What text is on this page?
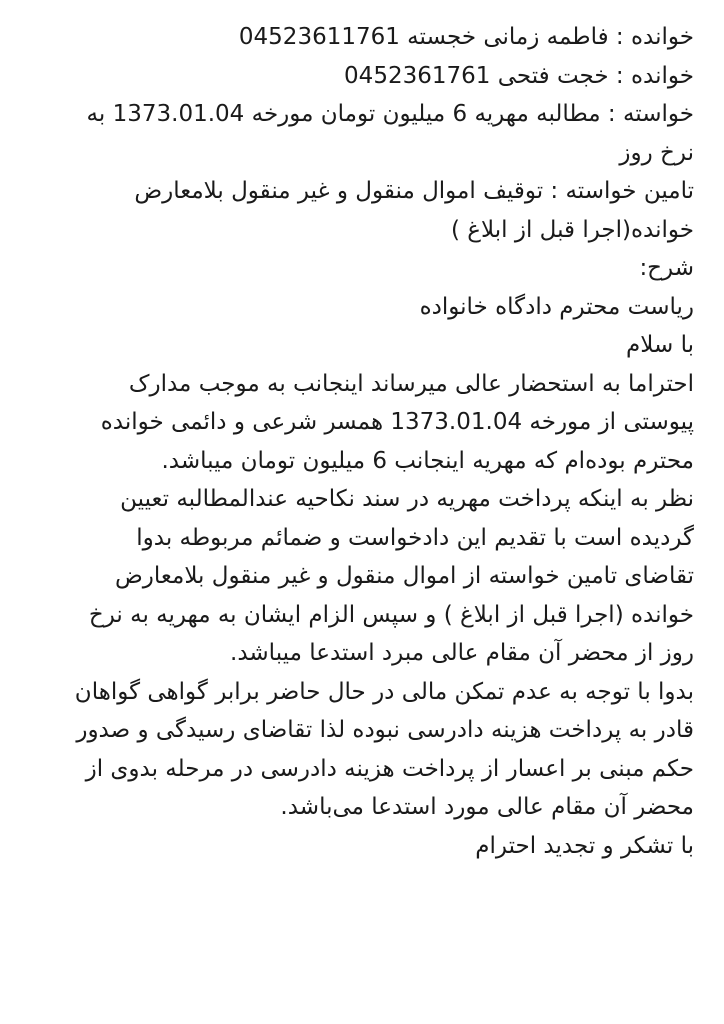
خوانده : فاطمه زمانی خجسته 04523611761
خوانده : خجت فتحی 0452361761
خواسته : مطالبه مهریه 6 میلیون تومان مورخه 1373.01.04 به
نرخ روز
تامین خواسته : توقیف اموال منقول و غیر منقول بلامعارض
خوانده(اجرا قبل از ابلاغ )
شرح:
ریاست محترم دادگاه خانواده
با سلام
احتراما به استحضار عالی میرساند اینجانب به موجب مدارک
پیوستی از مورخه 1373.01.04 همسر شرعی و دائمی خوانده
محترم بوده‌ام که مهریه اینجانب 6 میلیون تومان میباشد.
نظر به اینکه پرداخت مهریه در سند نکاحیه عندالمطالبه تعیین
گردیده است با تقدیم این دادخواست و ضمائم مربوطه بدوا
تقاضای تامین خواسته از اموال منقول و غیر منقول بلامعارض
خوانده (اجرا قبل از ابلاغ ) و سپس الزام ایشان به مهریه به نرخ
روز از محضر آن مقام عالی مبرد استدعا میباشد.
بدوا با توجه به عدم تمکن مالی در حال حاضر برابر گواهی گواهان
قادر به پرداخت هزینه دادرسی نبوده لذا تقاضای رسیدگی و صدور
حکم مبنی بر اعسار از پرداخت هزینه دادرسی در مرحله بدوی از
محضر آن مقام عالی مورد استدعا می‌باشد.
با تشکر و تجدید احترام
